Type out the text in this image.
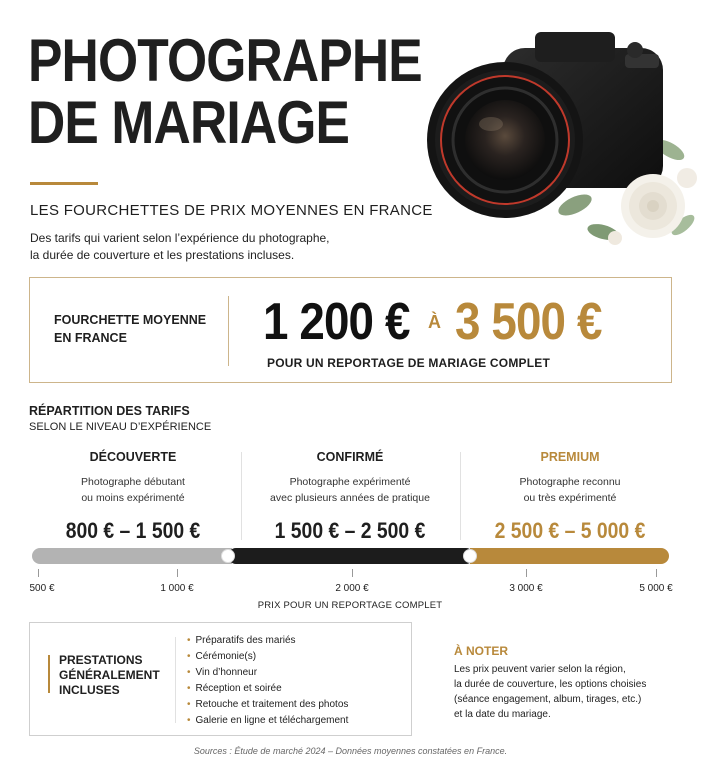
PHOTOGRAPHE
DE MARIAGE
LES FOURCHETTES DE PRIX MOYENNES EN FRANCE

Des tarifs qui varient selon l’expérience du photographe,
la durée de couverture et les prestations incluses.

FOURCHETTE MOYENNE
EN FRANCE	1 200 € À 3 500 €
POUR UN REPORTAGE DE MARIAGE COMPLET
RÉPARTITION DES TARIFS
SELON LE NIVEAU D’EXPÉRIENCE
DÉCOUVERTE
Photographe débutant
ou moins expérimenté
800 € – 1 500 €
CONFIRMÉ
Photographe expérimenté
avec plusieurs années de pratique
1 500 € – 2 500 €
PREMIUM
Photographe reconnu
ou très expérimenté
2 500 € – 5 000 €
500 €	1 000 €	2 000 €	3 000 €	5 000 €
PRIX POUR UN REPORTAGE COMPLET
PRESTATIONS
GÉNÉRALEMENT
INCLUSES
• Préparatifs des mariés
• Cérémonie(s)
• Vin d’honneur
• Réception et soirée
• Retouche et traitement des photos
• Galerie en ligne et téléchargement
À NOTER

Les prix peuvent varier selon la région,
la durée de couverture, les options choisies
(séance engagement, album, tirages, etc.)
et la date du mariage.

Sources : Étude de marché 2024 – Données moyennes constatées en France.
